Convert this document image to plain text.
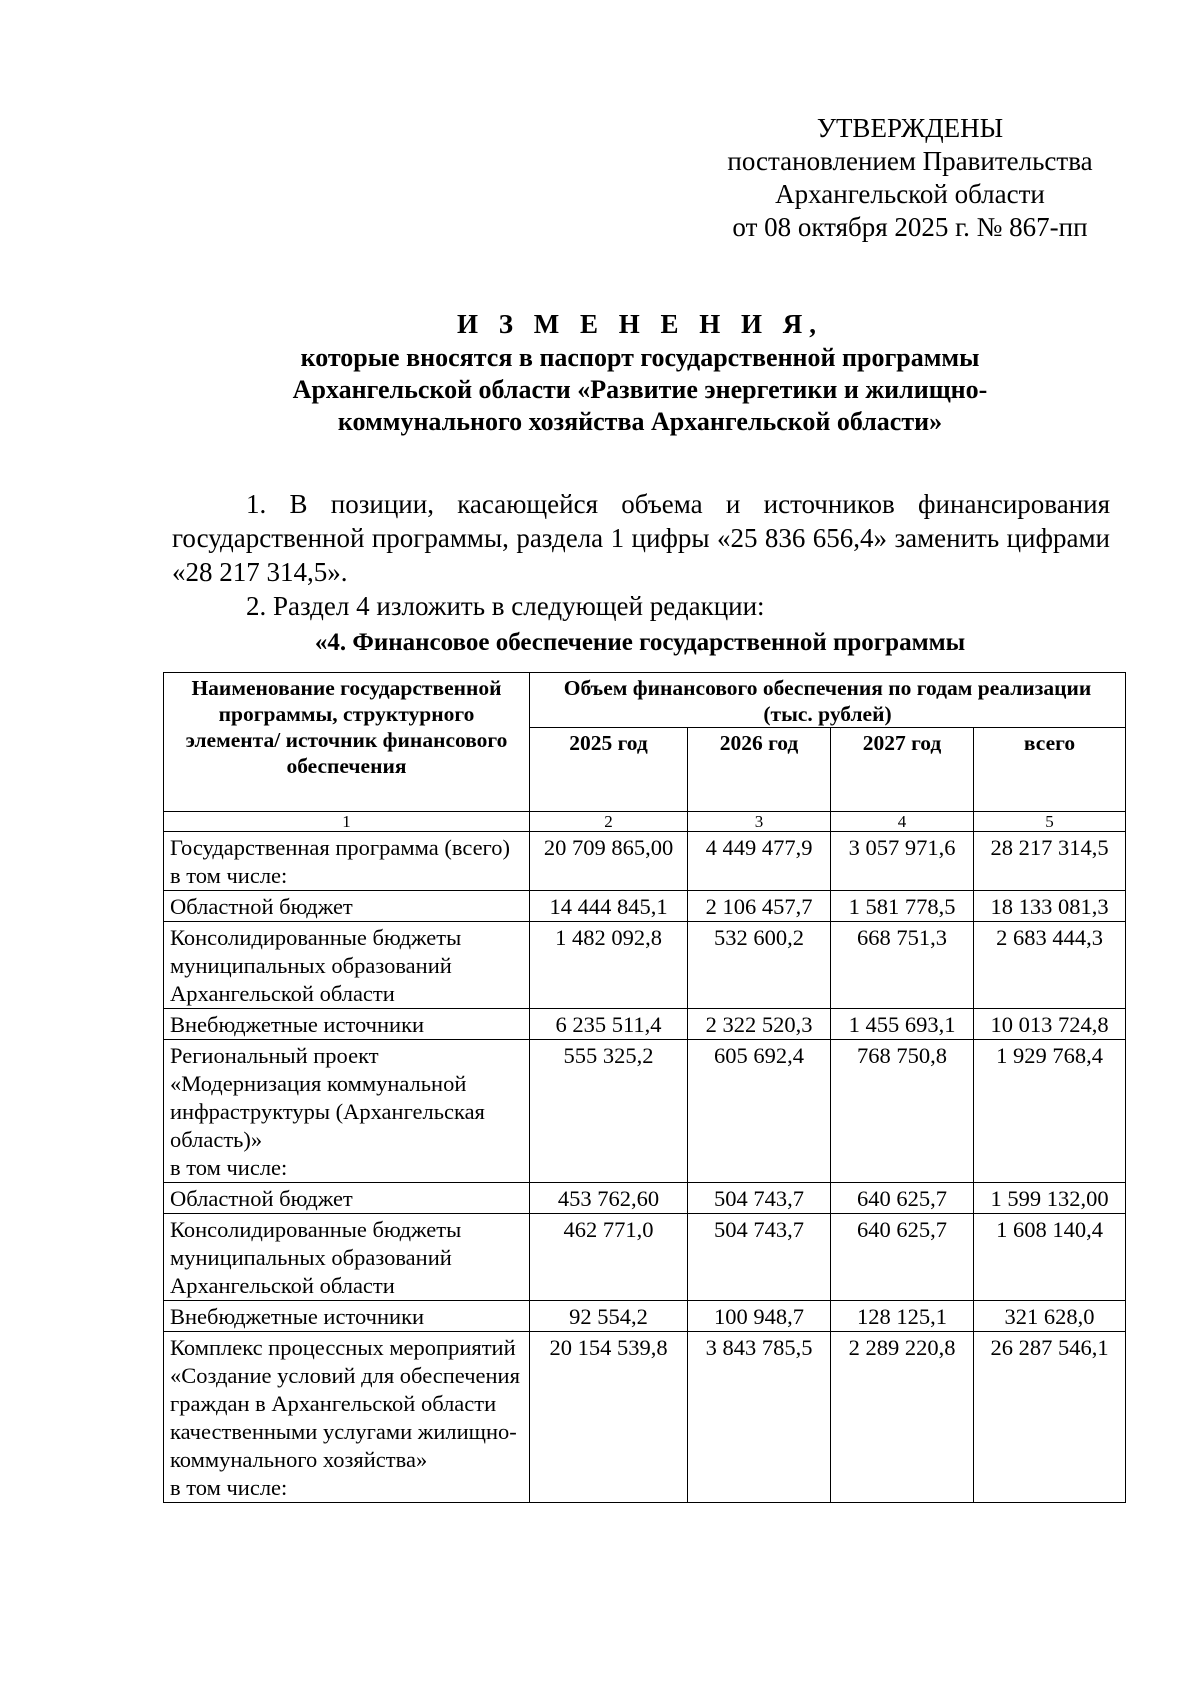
УТВЕРЖДЕНЫ
постановлением Правительства
Архангельской области
от 08 октября 2025 г. № 867-пп
И З М Е Н Е Н И Я,
которые вносятся в паспорт государственной программы
Архангельской области «Развитие энергетики и жилищно-
коммунального хозяйства Архангельской области»

1. В позиции, касающейся объема и источников финансирования государственной программы, раздела 1 цифры «25 836 656,4» заменить цифрами «28 217 314,5».

2. Раздел 4 изложить в следующей редакции:

«4. Финансовое обеспечение государственной программы
Наименование государственной программы, структурного элемента/ источник финансового обеспечения	Объем финансового обеспечения по годам реализации (тыс. рублей)			
	2025 год	2026 год	2027 год	всего
1	2	3	4	5
Государственная программа (всего)
в том числе:	20 709 865,00	4 449 477,9	3 057 971,6	28 217 314,5
Областной бюджет	14 444 845,1	2 106 457,7	1 581 778,5	18 133 081,3
Консолидированные бюджеты муниципальных образований Архангельской области	1 482 092,8	532 600,2	668 751,3	2 683 444,3
Внебюджетные источники	6 235 511,4	2 322 520,3	1 455 693,1	10 013 724,8
Региональный проект «Модернизация коммунальной инфраструктуры (Архангельская область)»
в том числе:	555 325,2	605 692,4	768 750,8	1 929 768,4
Областной бюджет	453 762,60	504 743,7	640 625,7	1 599 132,00
Консолидированные бюджеты муниципальных образований Архангельской области	462 771,0	504 743,7	640 625,7	1 608 140,4
Внебюджетные источники	92 554,2	100 948,7	128 125,1	321 628,0
Комплекс процессных мероприятий «Создание условий для обеспечения граждан в Архангельской области качественными услугами жилищно-коммунального хозяйства»
в том числе:	20 154 539,8	3 843 785,5	2 289 220,8	26 287 546,1
